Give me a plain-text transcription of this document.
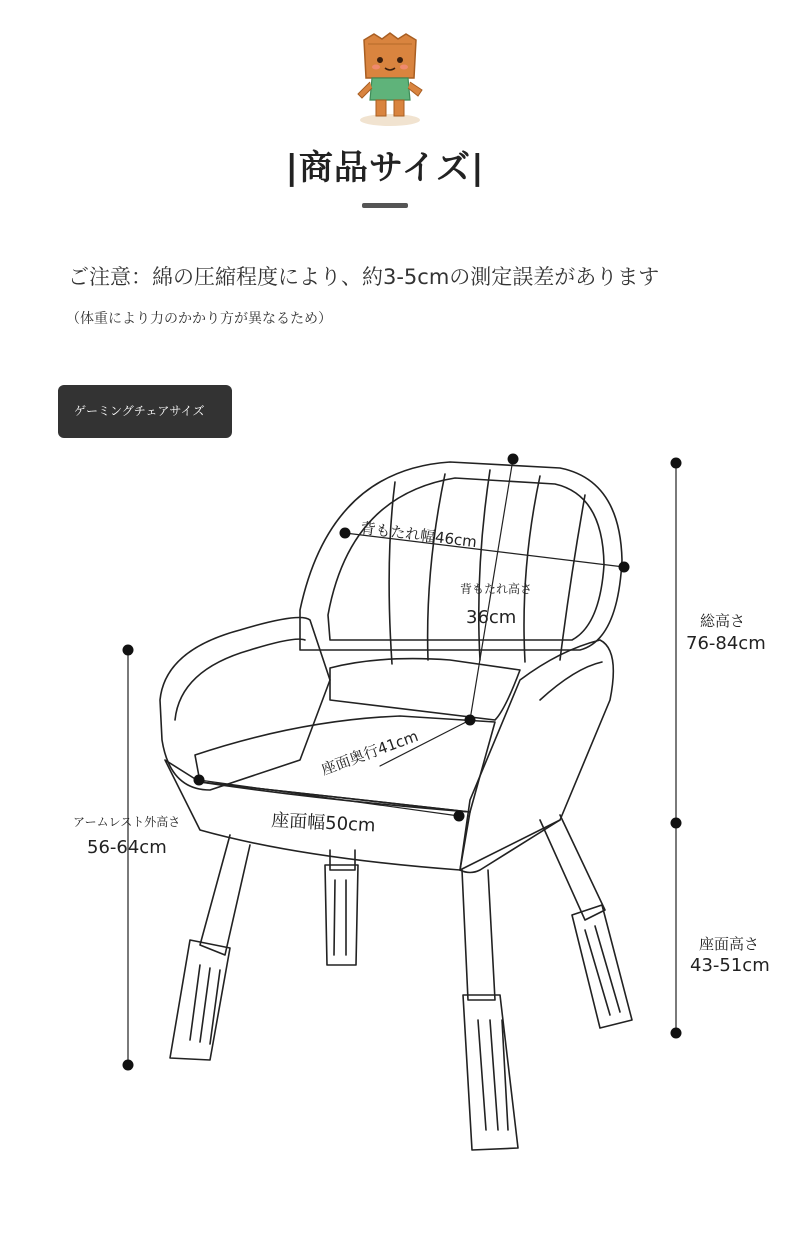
|商品サイズ|
ご注意：綿の圧縮程度により、約3-5cmの測定誤差があります
（体重により力のかかり方が異なるため）
ゲーミングチェアサイズ
背もたれ幅46cm
背もたれ高さ
36cm	総高さ
76-84cm
座面奥行41cm
座面幅50cm
アームレスト外高さ
56-64cm
座面高さ
43-51cm
